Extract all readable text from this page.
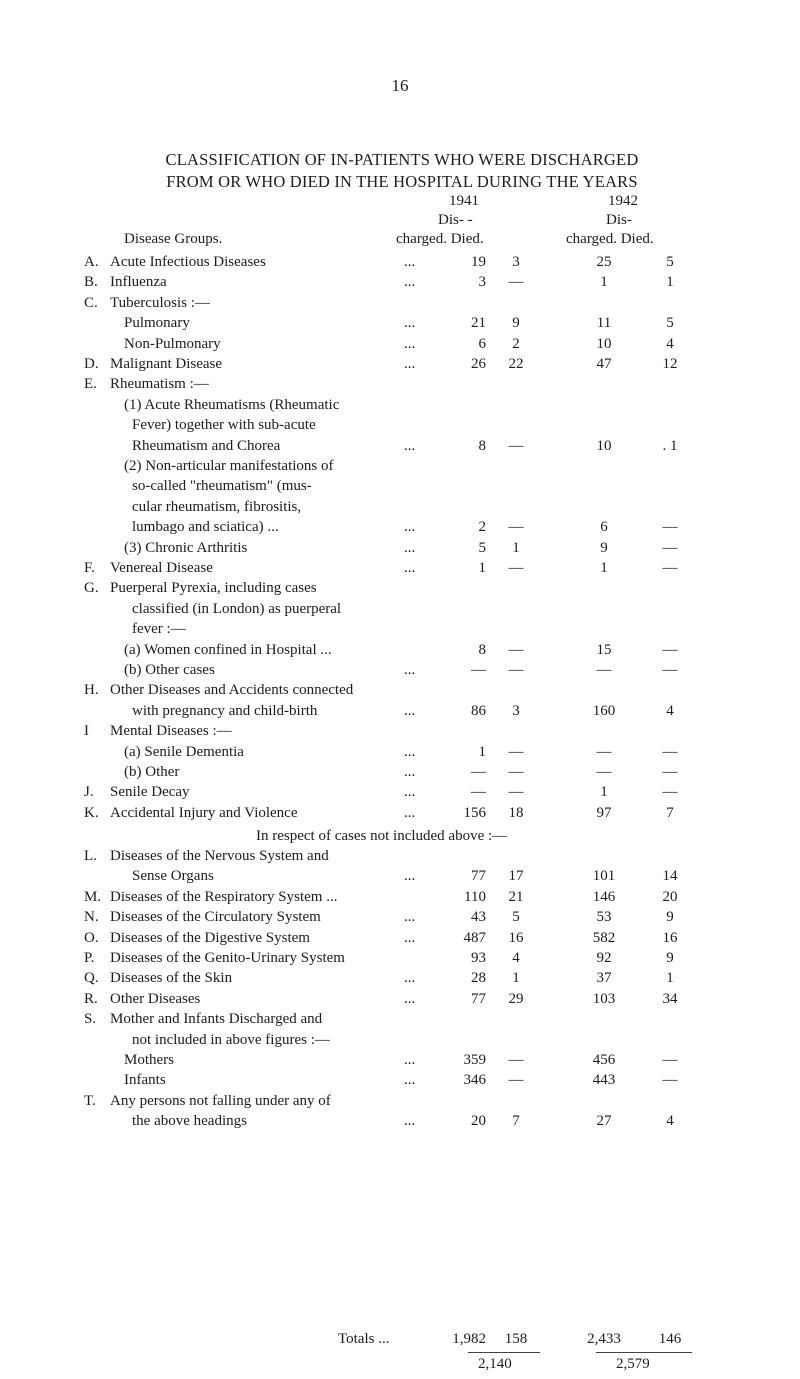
16
CLASSIFICATION OF IN-PATIENTS WHO WERE DISCHARGED
FROM OR WHO DIED IN THE HOSPITAL DURING THE YEARS
1941	1942
Dis- -	Dis-
Disease Groups.	charged. Died.	charged. Died.
A. Acute Infectious Diseases	...	19	3	25	5
B. Influenza	...	3	—	1	1
C. Tuberculosis :—
Pulmonary	...	21	9	11	5
Non-Pulmonary	...	6	2	10	4
D. Malignant Disease	...	26	22	47	12
E. Rheumatism :—
(1) Acute Rheumatisms (Rheumatic
Fever) together with sub-acute
Rheumatism and Chorea	...	8	—	10	. 1
(2) Non-articular manifestations of
so-called "rheumatism" (mus-
cular rheumatism, fibrositis,
lumbago and sciatica) ...	...	2	—	6	—
(3) Chronic Arthritis	...	5	1	9	—
F. Venereal Disease	...	1	—	1	—
G. Puerperal Pyrexia, including cases
classified (in London) as puerperal
fever :—
(a) Women confined in Hospital ...	8	—	15	—
(b) Other cases	...	—	—	—	—
H. Other Diseases and Accidents connected
with pregnancy and child-birth	...	86	3	160	4
I Mental Diseases :—
(a) Senile Dementia	...	1	—	—	—
(b) Other	...	—	—	—	—
J. Senile Decay	...	—	—	1	—
K. Accidental Injury and Violence	...	156	18	97	7
In respect of cases not included above :—
L. Diseases of the Nervous System and
Sense Organs	...	77	17	101	14
M. Diseases of the Respiratory System ...	110	21	146	20
N. Diseases of the Circulatory System	...	43	5	53	9
O. Diseases of the Digestive System	...	487	16	582	16
P. Diseases of the Genito-Urinary System	93	4	92	9
Q. Diseases of the Skin	...	28	1	37	1
R. Other Diseases	...	77	29	103	34
S. Mother and Infants Discharged and
not included in above figures :—
Mothers	...	359	—	456	—
Infants	...	346	—	443	—
T. Any persons not falling under any of
the above headings	...	20	7	27	4
Totals ...	1,982	158	2,433	146
2,140	2,579
